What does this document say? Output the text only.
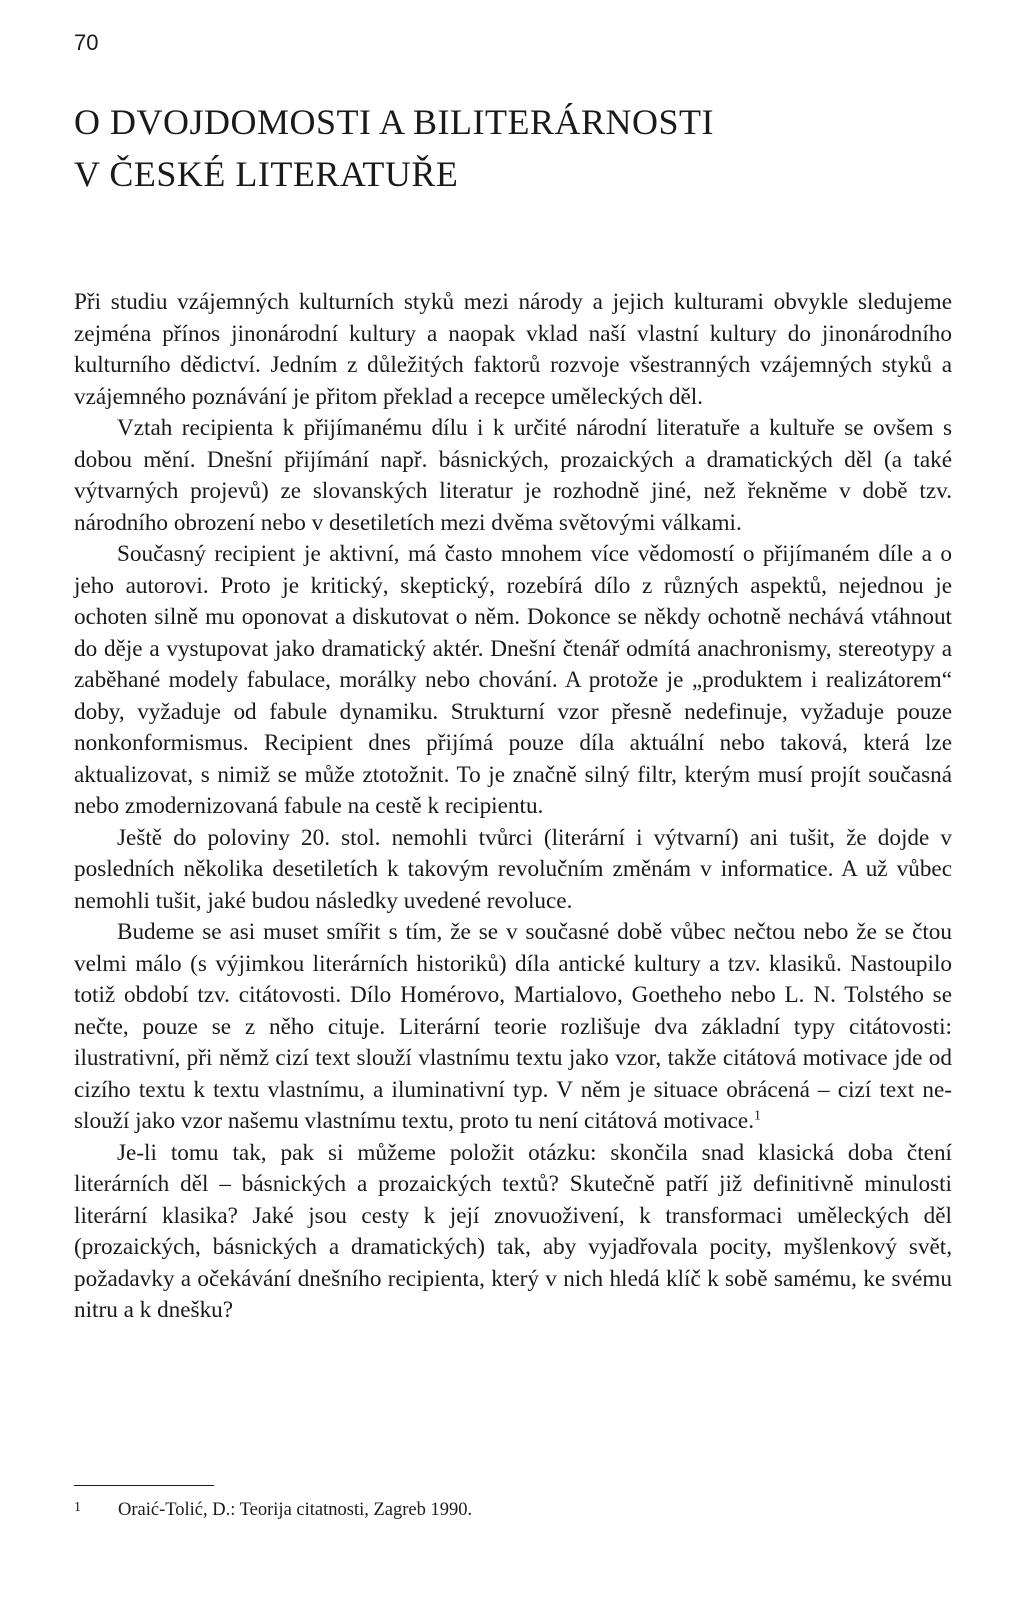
70
O DVOJDOMOSTI A BILITERÁRNOSTI
V ČESKÉ LITERATUŘE

Při studiu vzájemných kulturních styků mezi národy a jejich kulturami obvykle sledujeme zejména přínos jinonárodní kultury a naopak vklad naší vlastní kultury do jinonárodního kulturního dědictví. Jedním z důležitých faktorů rozvoje všestranných vzájemných styků a vzájemného poznávání je přitom překlad a recepce uměleckých děl.

Vztah recipienta k přijímanému dílu i k určité národní literatuře a kultuře se ovšem s dobou mění. Dnešní přijímání např. básnických, prozaických a dramatických děl (a také výtvarných projevů) ze slovanských literatur je rozhodně jiné, než řekněme v době tzv. národního obrození nebo v desetiletích mezi dvěma světovými válkami.

Současný recipient je aktivní, má často mnohem více vědomostí o přijímaném díle a o jeho autorovi. Proto je kritický, skeptický, rozebírá dílo z různých aspektů, nejednou je ochoten silně mu oponovat a diskutovat o něm. Dokonce se někdy ochotně nechává vtáhnout do děje a vystupovat jako dramatický aktér. Dnešní čtenář odmítá anachronismy, stereotypy a zaběhané modely fabulace, morálky nebo chování. A protože je „produktem i realizátorem“ doby, vyžaduje od fabule dynamiku. Strukturní vzor přesně nedefinuje, vyžaduje pouze nonkonformismus. Recipient dnes přijímá pouze díla aktuální nebo taková, která lze aktualizovat, s nimiž se může ztotožnit. To je značně silný filtr, kterým musí projít současná nebo zmodernizovaná fabule na cestě k recipientu.

Ještě do poloviny 20. stol. nemohli tvůrci (literární i výtvarní) ani tušit, že dojde v posledních několika desetiletích k takovým revolučním změnám v informatice. A už vůbec nemohli tušit, jaké budou následky uvedené revoluce.

Budeme se asi muset smířit s tím, že se v současné době vůbec nečtou nebo že se čtou velmi málo (s výjimkou literárních historiků) díla antické kultury a tzv. klasiků. Nastoupilo totiž období tzv. citátovosti. Dílo Homérovo, Martialovo, Goetheho nebo L. N. Tolstého se nečte, pouze se z něho cituje. Literární teorie rozlišuje dva základní typy citátovosti: ilustrativní, při němž cizí text slouží vlastnímu textu jako vzor, takže citátová motivace jde od cizího textu k textu vlastnímu, a iluminativní typ. V něm je situace obrácená – cizí text neslouží jako vzor našemu vlastnímu textu, proto tu není citátová motivace.$^1$

Je-li tomu tak, pak si můžeme položit otázku: skončila snad klasická doba čtení literárních děl – básnických a prozaických textů? Skutečně patří již definitivně minulosti literární klasika? Jaké jsou cesty k její znovuoživení, k transformaci uměleckých děl (prozaických, básnických a dramatických) tak, aby vyjadřovala pocity, myšlenkový svět, požadavky a očekávání dnešního recipienta, který v nich hledá klíč k sobě samému, ke svému nitru a k dnešku?

1 Oraić-Tolić, D.: Teorija citatnosti, Zagreb 1990.
